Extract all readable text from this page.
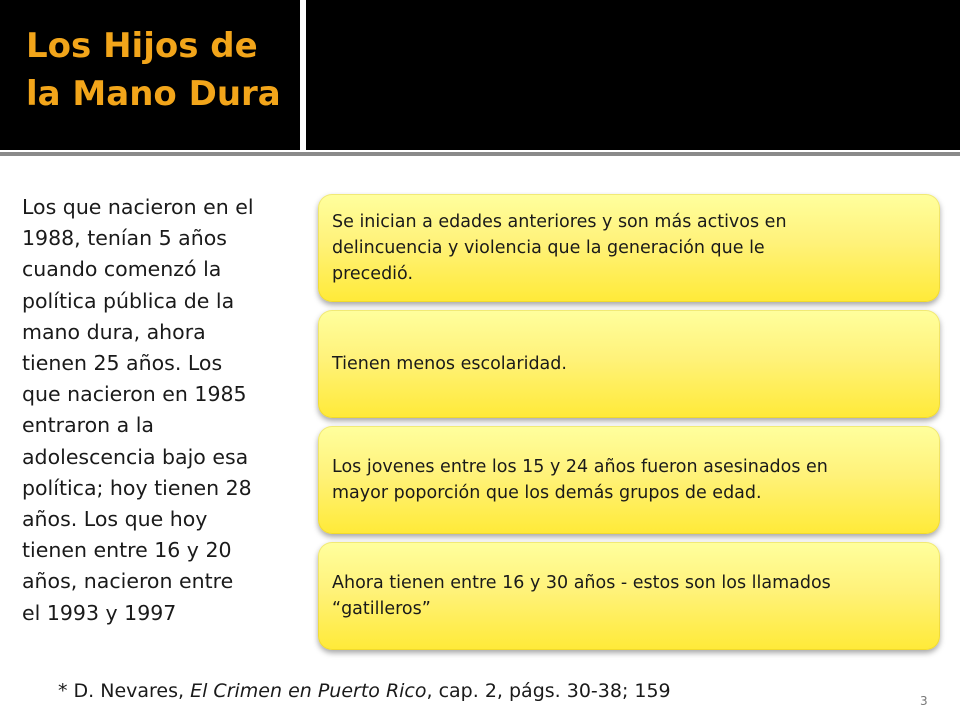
Los Hijos de
la Mano Dura
Los que nacieron en el
1988, tenían 5 años
cuando comenzó la
política pública de la
mano dura, ahora
tienen 25 años. Los
que nacieron en 1985
entraron a la
adolescencia bajo esa
política; hoy tienen 28
años. Los que hoy
tienen entre 16 y 20
años, nacieron entre
el 1993 y 1997
Se inician a edades anteriores y son más activos en
delincuencia y violencia que la generación que le
precedió.
Tienen menos escolaridad.
Los jovenes entre los 15 y 24 años fueron asesinados en
mayor poporción que los demás grupos de edad.
Ahora tienen entre 16 y 30 años - estos son los llamados
“gatilleros”
* D. Nevares, El Crimen en Puerto Rico, cap. 2, págs. 30-38; 159	3
